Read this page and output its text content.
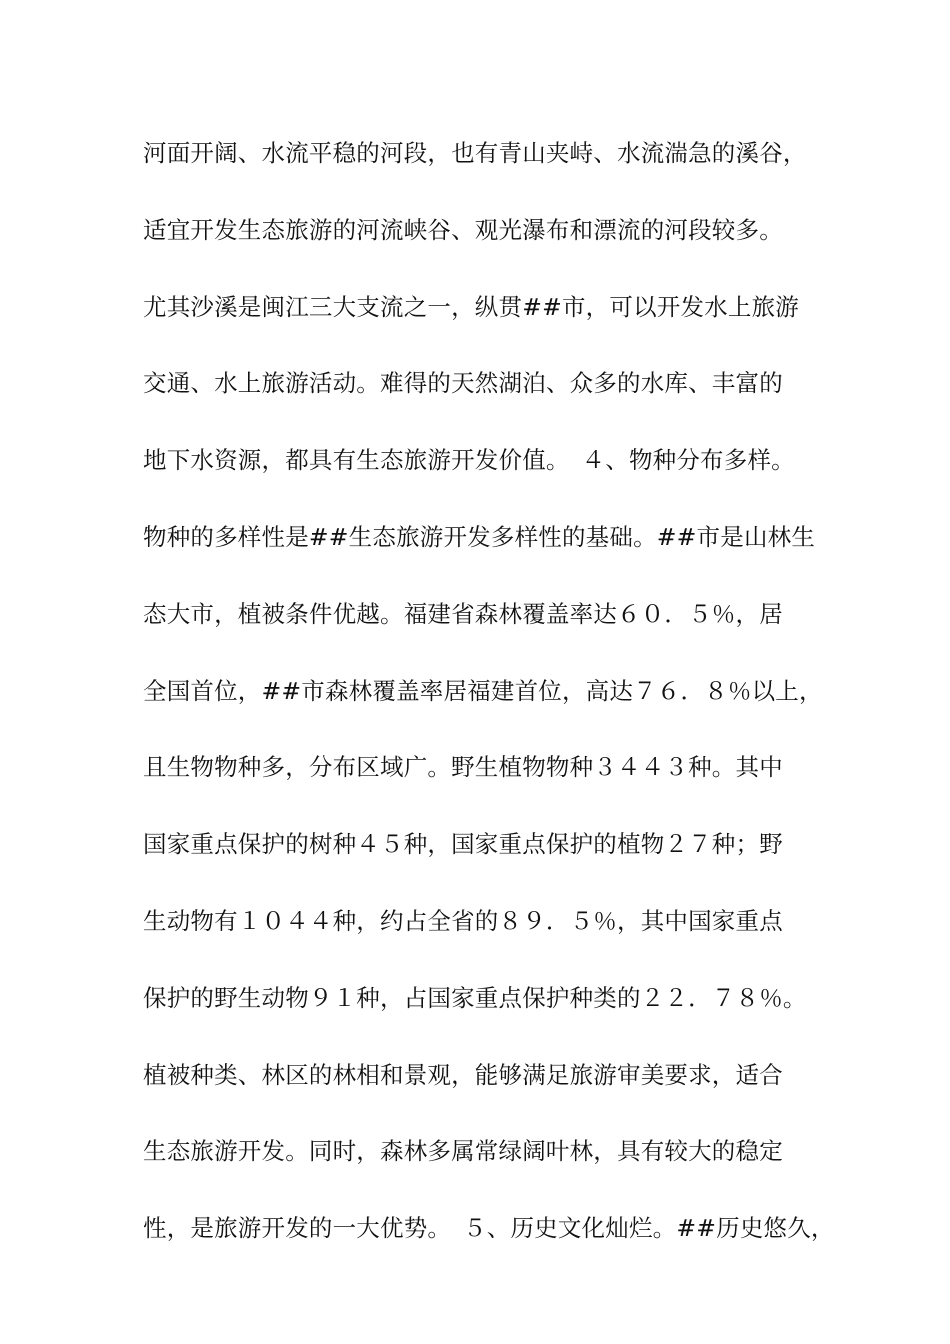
河面开阔、水流平稳的河段，也有青山夹峙、水流湍急的溪谷，
适宜开发生态旅游的河流峡谷、观光瀑布和漂流的河段较多。
尤其沙溪是闽江三大支流之一，纵贯##市，可以开发水上旅游
交通、水上旅游活动。难得的天然湖泊、众多的水库、丰富的
地下水资源，都具有生态旅游开发价值。　４、物种分布多样。
物种的多样性是##生态旅游开发多样性的基础。##市是山林生
态大市，植被条件优越。福建省森林覆盖率达６０．５％，居
全国首位，##市森林覆盖率居福建首位，高达７６．８％以上，
且生物物种多，分布区域广。野生植物物种３４４３种。其中
国家重点保护的树种４５种，国家重点保护的植物２７种；野
生动物有１０４４种，约占全省的８９．５％，其中国家重点
保护的野生动物９１种，占国家重点保护种类的２２．７８％。
植被种类、林区的林相和景观，能够满足旅游审美要求，适合
生态旅游开发。同时，森林多属常绿阔叶林，具有较大的稳定
性，是旅游开发的一大优势。　５、历史文化灿烂。##历史悠久，
